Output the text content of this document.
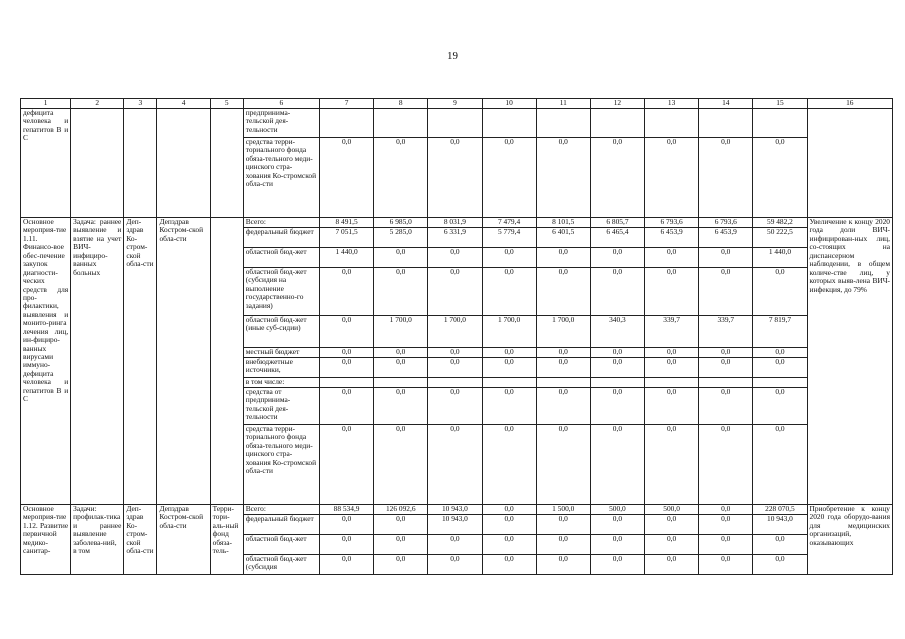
19
1	2	3	4	5	6	7	8	9	10	11	12	13	14	15	16
дефицита человека и гепатитов В и С					предпринима-тельской дея-тельности										
					средства терри-ториального фонда обяза-тельного меди-цинского стра-хования Ко-стромской обла-сти	0,0	0,0	0,0	0,0	0,0	0,0	0,0	0,0	0,0	
Основное мероприя-тие 1.11. Финансо-вое обес-печение закупок диагности-ческих средств для про-филактики, выявления и монито-ринга лечения лиц, ин-фициро-ванных вирусами иммуно-дефицита человека и гепатитов В и С	Задача: раннее выявление и взятие на учет ВИЧ-инфициро-ванных больных	Деп-здрав Ко-стром-ской обла-сти	Депздрав Костром-ской обла-сти		Всего:	8 491,5	6 985,0	8 031,9	7 479,4	8 101,5	6 805,7	6 793,6	6 793,6	59 482,2	Увеличение к концу 2020 года доли ВИЧ-инфицирован-ных лиц, со-стоящих на диспансерном наблюдении, в общем количе-стве лиц, у которых выяв-лена ВИЧ-инфекция, до 79%
					федеральный бюджет	7 051,5	5 285,0	6 331,9	5 779,4	6 401,5	6 465,4	6 453,9	6 453,9	50 222,5	
					областной бюд-жет	1 440,0	0,0	0,0	0,0	0,0	0,0	0,0	0,0	1 440,0	
					областной бюд-жет (субсидия на выполнение государственно-го задания)	0,0	0,0	0,0	0,0	0,0	0,0	0,0	0,0	0,0	
					областной бюд-жет (иные суб-сидии)	0,0	1 700,0	1 700,0	1 700,0	1 700,0	340,3	339,7	339,7	7 819,7	
					местный бюджет	0,0	0,0	0,0	0,0	0,0	0,0	0,0	0,0	0,0	
					внебюджетные источники,	0,0	0,0	0,0	0,0	0,0	0,0	0,0	0,0	0,0	
					в том числе:										
					средства от предпринима-тельской дея-тельности	0,0	0,0	0,0	0,0	0,0	0,0	0,0	0,0	0,0	
					средства терри-ториального фонда обяза-тельного меди-цинского стра-хования Ко-стромской обла-сти	0,0	0,0	0,0	0,0	0,0	0,0	0,0	0,0	0,0	
Основное мероприя-тие 1.12. Развитие первичной медико-санитар-	Задачи: профилак-тика и раннее выявление заболева-ний, в том	Деп-здрав Ко-стром-ской обла-сти	Депздрав Костром-ской обла-сти	Терри-тори-аль-ный фонд обяза-тель-	Всего:	88 534,9	126 092,6	10 943,0	0,0	1 500,0	500,0	500,0	0,0	228 070,5	Приобретение к концу 2020 года оборудо-вания для медицинских организаций, оказывающих
					федеральный бюджет	0,0	0,0	10 943,0	0,0	0,0	0,0	0,0	0,0	10 943,0	
					областной бюд-жет	0,0	0,0	0,0	0,0	0,0	0,0	0,0	0,0	0,0	
					областной бюд-жет (субсидия	0,0	0,0	0,0	0,0	0,0	0,0	0,0	0,0	0,0	
